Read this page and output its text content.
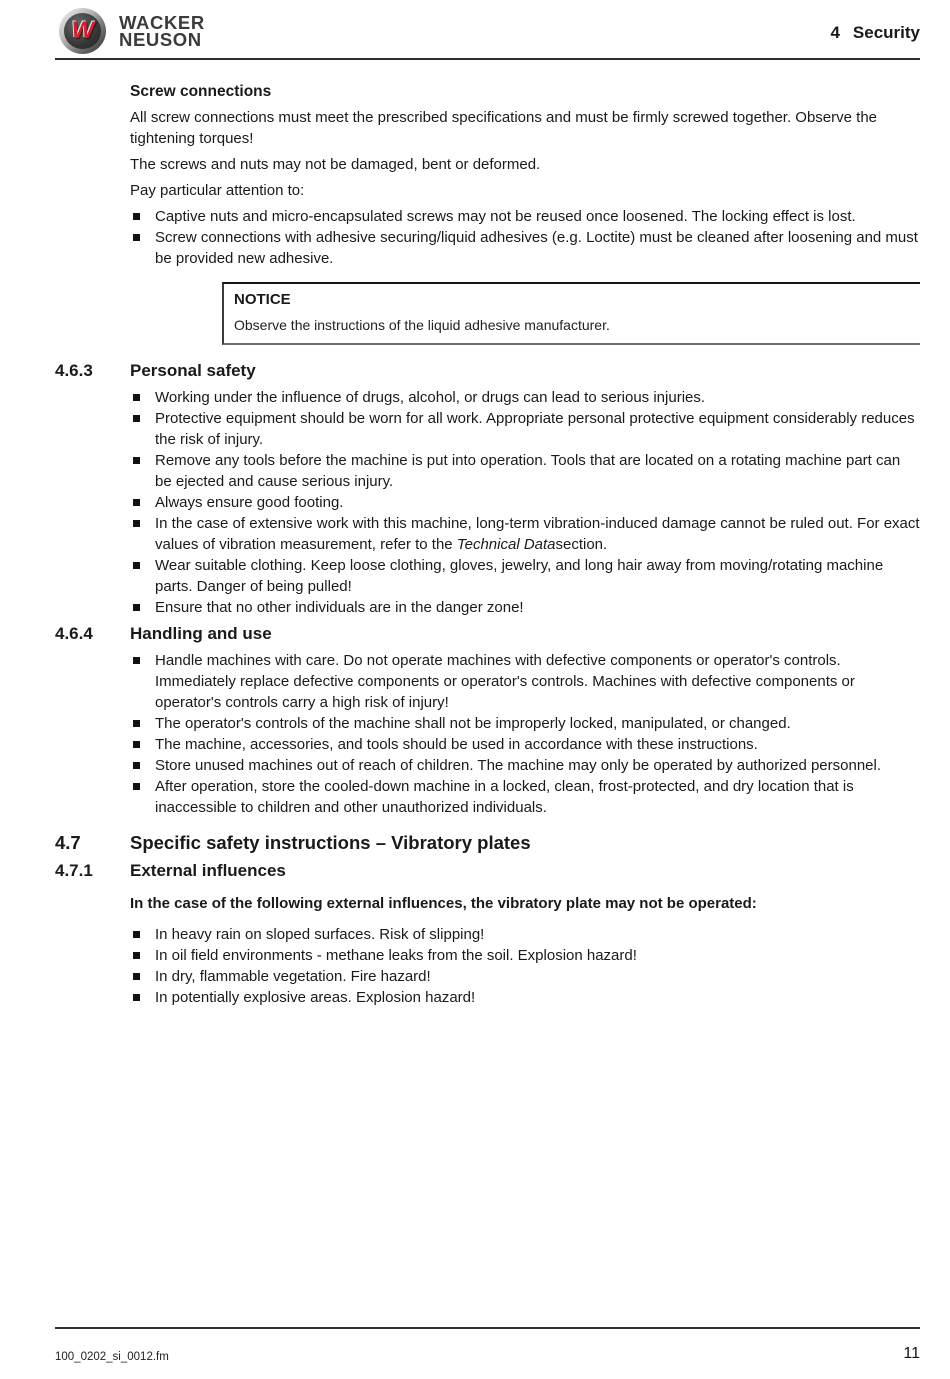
W WACKER
NEUSON	4 Security
Screw connections

All screw connections must meet the prescribed specifications and must be firmly screwed together. Observe the tightening torques!

The screws and nuts may not be damaged, bent or deformed.

Pay particular attention to:

Captive nuts and micro-encapsulated screws may not be reused once loosened. The locking effect is lost.
Screw connections with adhesive securing/liquid adhesives (e.g. Loctite) must be cleaned after loosening and must be provided new adhesive.
NOTICE
Observe the instructions of the liquid adhesive manufacturer.
4.6.3	Personal safety
Working under the influence of drugs, alcohol, or drugs can lead to serious injuries.
Protective equipment should be worn for all work. Appropriate personal protective equipment considerably reduces the risk of injury.
Remove any tools before the machine is put into operation. Tools that are located on a rotating machine part can be ejected and cause serious injury.
Always ensure good footing.
In the case of extensive work with this machine, long-term vibration-induced damage cannot be ruled out. For exact values of vibration measurement, refer to the Technical Datasection.
Wear suitable clothing. Keep loose clothing, gloves, jewelry, and long hair away from moving/rotating machine parts. Danger of being pulled!
Ensure that no other individuals are in the danger zone!
4.6.4	Handling and use
Handle machines with care. Do not operate machines with defective components or operator's controls. Immediately replace defective components or operator's controls. Machines with defective components or operator's controls carry a high risk of injury!
The operator's controls of the machine shall not be improperly locked, manipulated, or changed.
The machine, accessories, and tools should be used in accordance with these instructions.
Store unused machines out of reach of children. The machine may only be operated by authorized personnel.
After operation, store the cooled-down machine in a locked, clean, frost-protected, and dry location that is inaccessible to children and other unauthorized individuals.
4.7	Specific safety instructions – Vibratory plates
4.7.1	External influences

In the case of the following external influences, the vibratory plate may not be operated:

In heavy rain on sloped surfaces. Risk of slipping!
In oil field environments - methane leaks from the soil. Explosion hazard!
In dry, flammable vegetation. Fire hazard!
In potentially explosive areas. Explosion hazard!
100_0202_si_0012.fm	11
